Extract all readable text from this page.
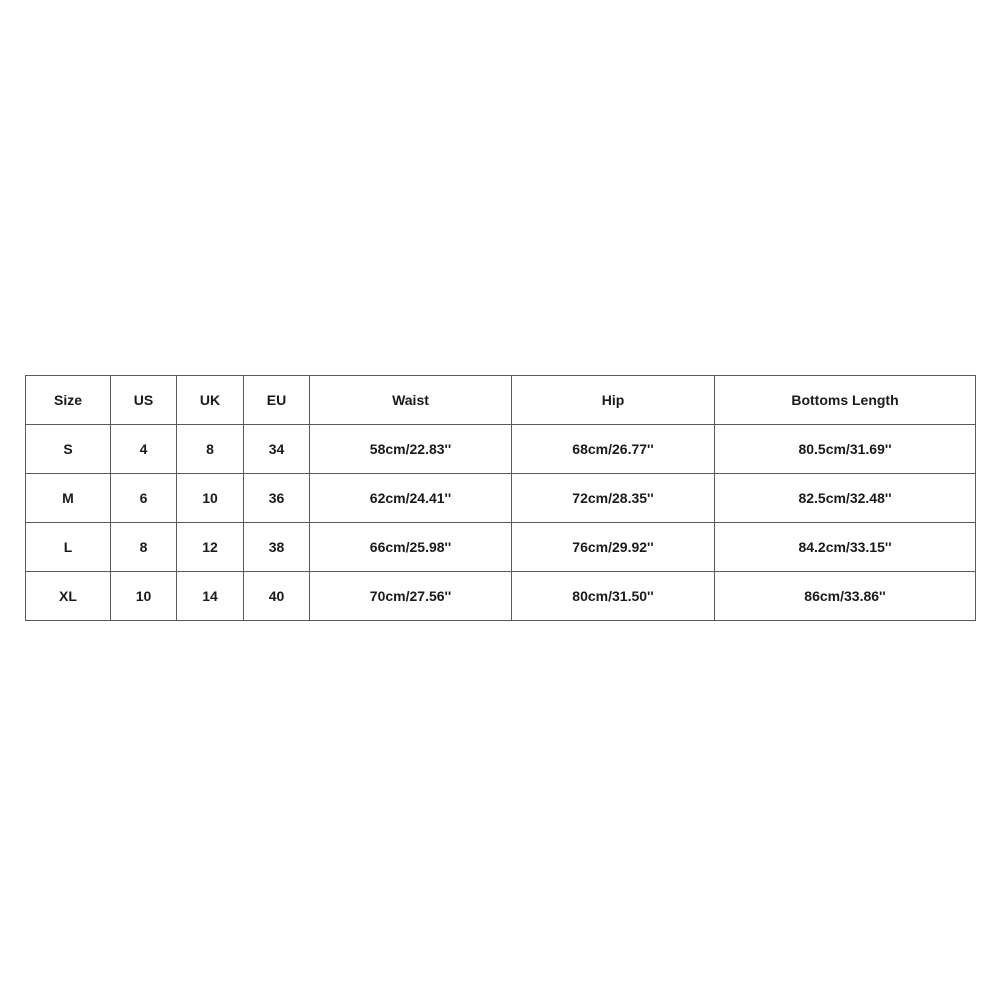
Size	US	UK	EU	Waist	Hip	Bottoms Length
S	4	8	34	58cm/22.83''	68cm/26.77''	80.5cm/31.69''
M	6	10	36	62cm/24.41''	72cm/28.35''	82.5cm/32.48''
L	8	12	38	66cm/25.98''	76cm/29.92''	84.2cm/33.15''
XL	10	14	40	70cm/27.56''	80cm/31.50''	86cm/33.86''
